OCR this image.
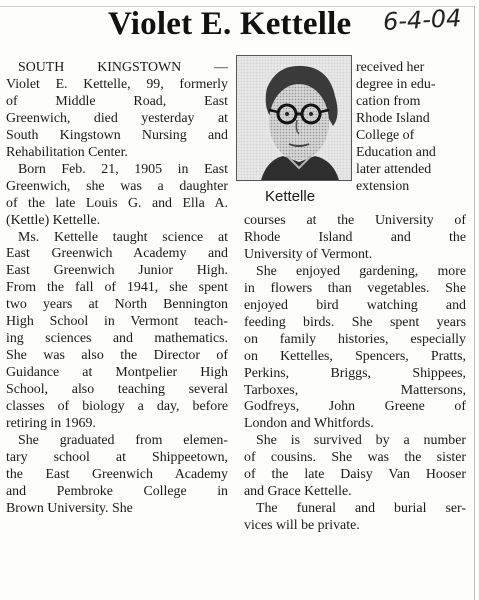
Violet E. Kettelle	6-4-04
SOUTH KINGSTOWN —
Violet E. Kettelle, 99, formerly
of Middle Road, East
Greenwich, died yesterday at
South Kingstown Nursing and
Rehabilitation Center.
Born Feb. 21, 1905 in East
Greenwich, she was a daughter
of the late Louis G. and Ella A.
(Kettle) Kettelle.
Ms. Kettelle taught science at
East Greenwich Academy and
East Greenwich Junior High.
From the fall of 1941, she spent
two years at North Bennington
High School in Vermont teach-
ing sciences and mathematics.
She was also the Director of
Guidance at Montpelier High
School, also teaching several
classes of biology a day, before
retiring in 1969.
She graduated from elemen-
tary school at Shippeetown,
the East Greenwich Academy
and Pembroke College in
Brown University. She
Kettelle
received her
degree in edu-
cation from
Rhode Island
College of
Education and
later attended
extension
courses at the University of
Rhode Island and the
University of Vermont.
She enjoyed gardening, more
in flowers than vegetables. She
enjoyed bird watching and
feeding birds. She spent years
on family histories, especially
on Kettelles, Spencers, Pratts,
Perkins, Briggs, Shippees,
Tarboxes, Mattersons,
Godfreys, John Greene of
London and Whitfords.
She is survived by a number
of cousins. She was the sister
of the late Daisy Van Hooser
and Grace Kettelle.
The funeral and burial ser-
vices will be private.
